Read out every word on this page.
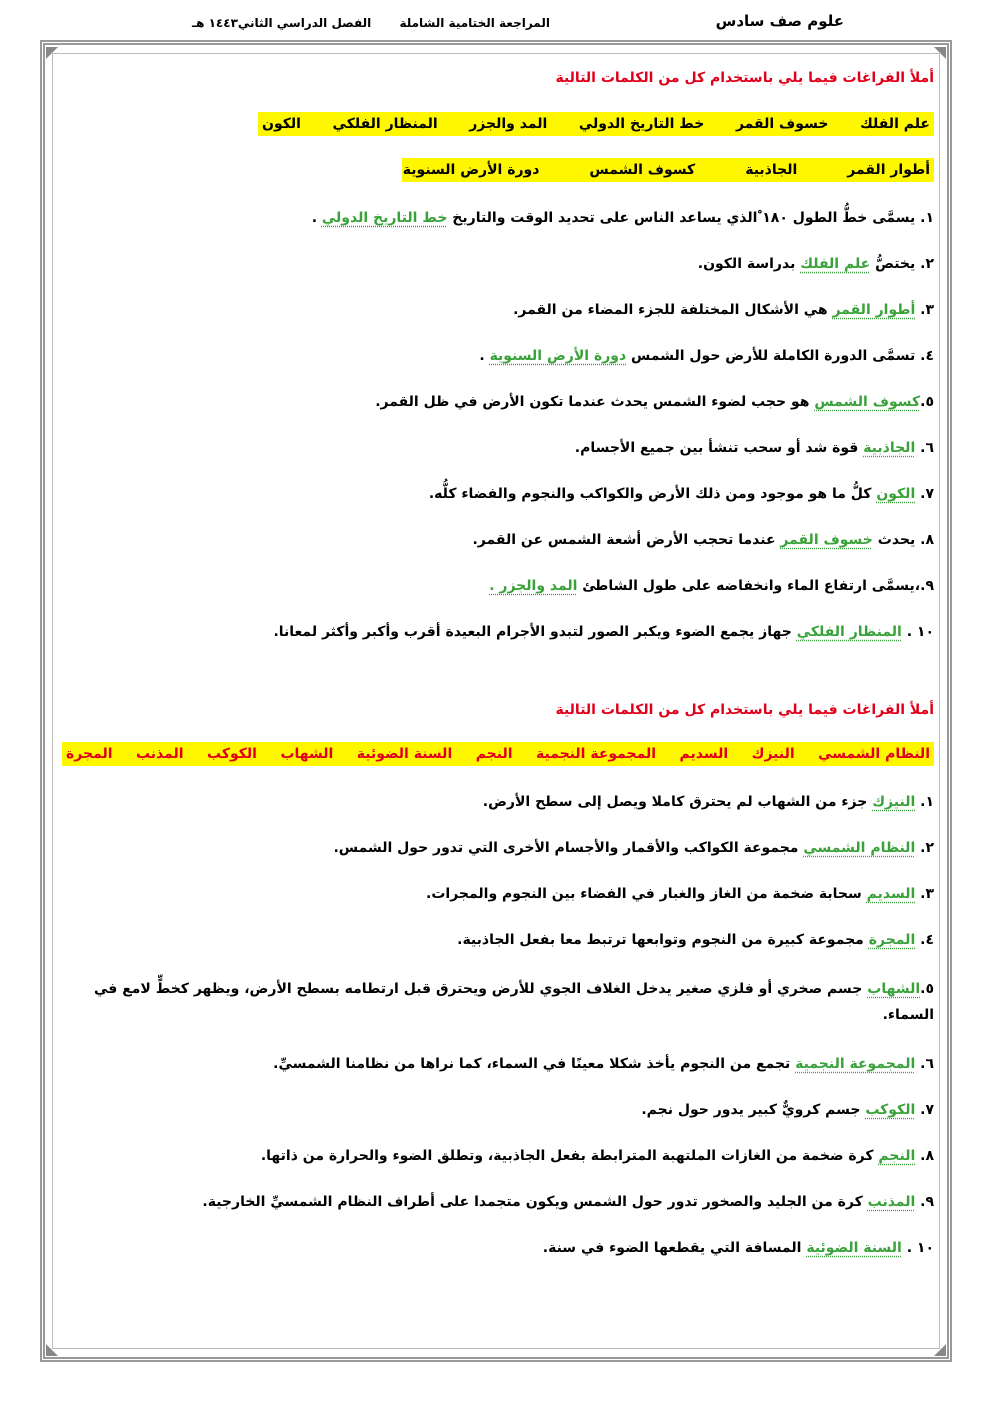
علوم صف سادس
المراجعة الختامية الشاملة الفصل الدراسي الثاني١٤٤٣ هـ

أملأ الفراغات فيما يلي باستخدام كل من الكلمات التالية

علم الفلك
خسوف القمر
خط التاريخ الدولي
المد والجزر
المنظار الفلكي
الكون
أطوار القمر
الجاذبية
كسوف الشمس
دورة الأرض السنوية

١. يسمَّى خطُّ الطول ١٨٠ ْالذي يساعد الناس على تحديد الوقت والتاريخ خط التاريخ الدولي .

٢. يختصُّ علم الفلك بدراسة الكون.

٣. أطوار القمر هي الأشكال المختلفة للجزء المضاء من القمر.

٤. تسمَّى الدورة الكاملة للأرض حول الشمس دورة الأرض السنوية .

٥.كسوف الشمس هو حجب لضوء الشمس يحدث عندما تكون الأرض في ظل القمر.

٦. الجاذبية قوة شد أو سحب تنشأ بين جميع الأجسام.

٧. الكون كلُّ ما هو موجود ومن ذلك الأرض والكواكب والنجوم والفضاء كلُّه.

٨. يحدث خسوف القمر عندما تحجب الأرض أشعة الشمس عن القمر.

٩.،يسمَّى ارتفاع الماء وانخفاضه على طول الشاطئ المد والجزر .

١٠ . المنظار الفلكي جهاز يجمع الضوء ويكبر الصور لتبدو الأجرام البعيدة أقرب وأكبر وأكثر لمعانا.

أملأ الفراغات فيما يلي باستخدام كل من الكلمات التالية

النظام الشمسي
النيزك
السديم
المجموعة النجمية
النجم
السنة الضوئية
الشهاب
الكوكب
المذنب
المجرة

١. النيزك جزء من الشهاب لم يحترق كاملا ويصل إلى سطح الأرض.

٢. النظام الشمسي مجموعة الكواكب والأقمار والأجسام الأخرى التي تدور حول الشمس.

٣. السديم سحابة ضخمة من الغاز والغبار في الفضاء بين النجوم والمجرات.

٤. المجرة مجموعة كبيرة من النجوم وتوابعها ترتبط معا بفعل الجاذبية.

٥.الشهاب جسم صخري أو فلزي صغير يدخل الغلاف الجوي للأرض ويحترق قبل ارتطامه بسطح الأرض، ويظهر كخطٍّ لامع في السماء.

٦. المجموعة النجمية تجمع من النجوم يأخذ شكلا معينًا في السماء، كما نراها من نظامنا الشمسيِّ.

٧. الكوكب جسم كرويٌّ كبير يدور حول نجم.

٨. النجم كرة ضخمة من الغازات الملتهبة المترابطة بفعل الجاذبية، وتطلق الضوء والحرارة من ذاتها.

٩. المذنب كرة من الجليد والصخور تدور حول الشمس ويكون متجمدا على أطراف النظام الشمسيِّ الخارجية.

١٠ . السنة الضوئية المسافة التي يقطعها الضوء في سنة.
